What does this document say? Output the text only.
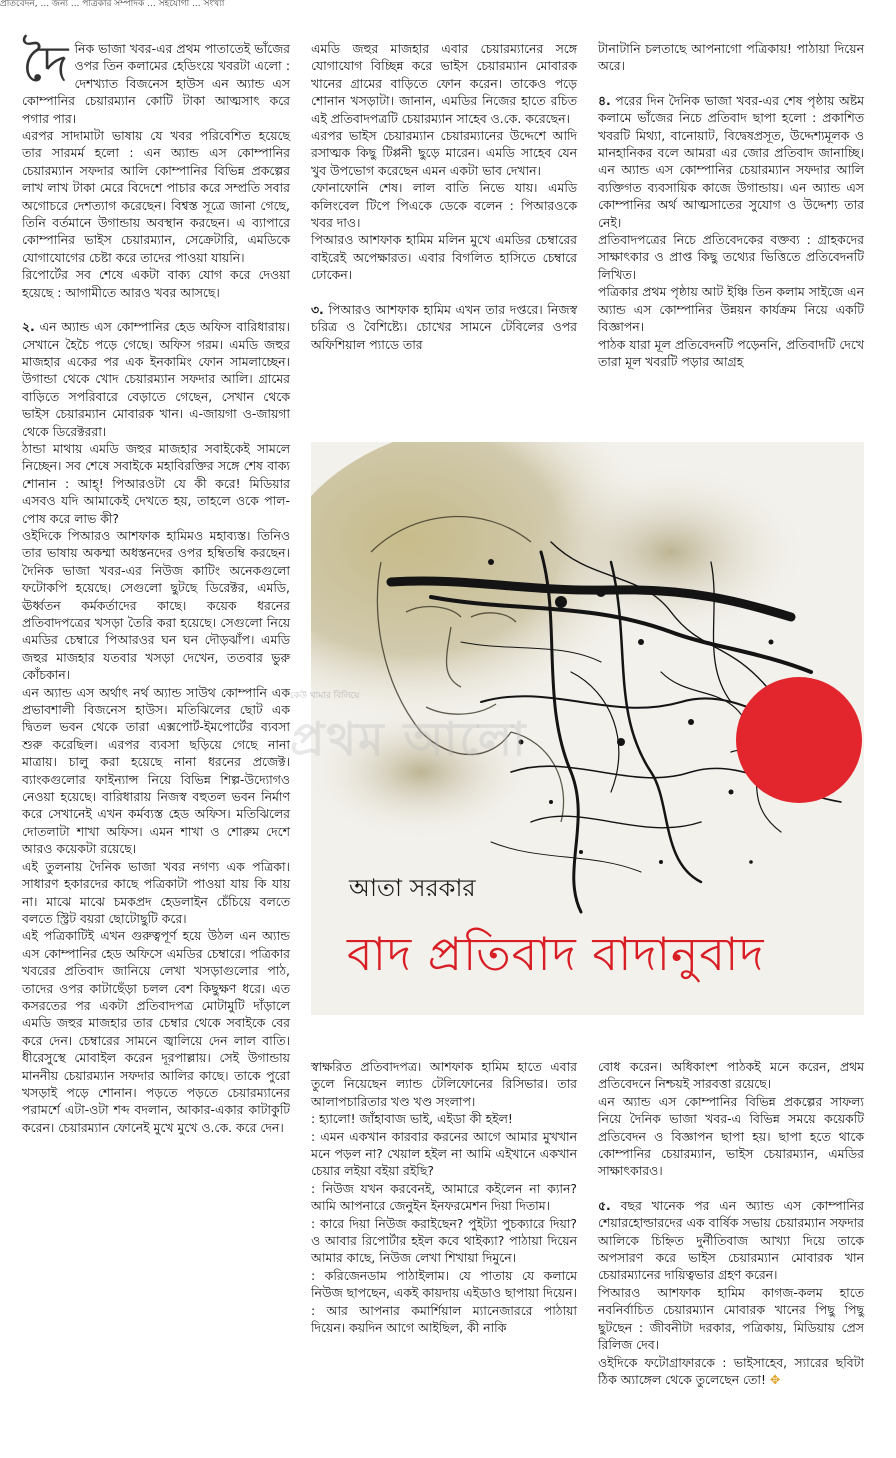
প্রতিবেদন, ... জন্য ... পত্রিকার সম্পাদক ... সহযোগী ... সংখ্যা

দৈনিক ভাজা খবর-এর প্রথম পাতাতেই ভাঁজের ওপর তিন কলামের হেডিংয়ে খবরটা এলো : দেশখ্যাত বিজনেস হাউস এন অ্যান্ড এস কোম্পানির চেয়ারম্যান কোটি টাকা আত্মসাৎ করে পগার পার।

এরপর সাদামাটা ভাষায় যে খবর পরিবেশিত হয়েছে তার সারমর্ম হলো : এন অ্যান্ড এস কোম্পানির চেয়ারম্যান সফদার আলি কোম্পানির বিভিন্ন প্রকল্পের লাখ লাখ টাকা মেরে বিদেশে পাচার করে সম্প্রতি সবার অগোচরে দেশত্যাগ করেছেন। বিশ্বস্ত সূত্রে জানা গেছে, তিনি বর্তমানে উগান্ডায় অবস্থান করছেন। এ ব্যাপারে কোম্পানির ভাইস চেয়ারম্যান, সেক্রেটারি, এমডিকে যোগাযোগের চেষ্টা করে তাদের পাওয়া যায়নি।

রিপোর্টের সব শেষে একটা বাক্য যোগ করে দেওয়া হয়েছে : আগামীতে আরও খবর আসছে।

২. এন অ্যান্ড এস কোম্পানির হেড অফিস বারিধারায়। সেখানে হৈচৈ পড়ে গেছে। অফিস গরম। এমডি জহুর মাজহার একের পর এক ইনকামিং ফোন সামলাচ্ছেন। উগান্ডা থেকে খোদ চেয়ারম্যান সফদার আলি। গ্রামের বাড়িতে সপরিবারে বেড়াতে গেছেন, সেখান থেকে ভাইস চেয়ারম্যান মোবারক খান। এ-জায়গা ও-জায়গা থেকে ডিরেক্টররা।

ঠান্ডা মাথায় এমডি জহুর মাজহার সবাইকেই সামলে নিচ্ছেন। সব শেষে সবাইকে মহাবিরক্তির সঙ্গে শেষ বাক্য শোনান : আহ্! পিআরওটা যে কী করে! মিডিয়ার এসবও যদি আমাকেই দেখতে হয়, তাহলে ওকে পাল-পোষ করে লাভ কী?

ওইদিকে পিআরও আশফাক হামিমও মহাব্যস্ত। তিনিও তার ভাষায় অকম্মা অধস্তনদের ওপর হম্বিতম্বি করছেন। দৈনিক ভাজা খবর-এর নিউজ কাটিং অনেকগুলো ফটোকপি হয়েছে। সেগুলো ছুটছে ডিরেক্টর, এমডি, ঊর্ধ্বতন কর্মকর্তাদের কাছে। কয়েক ধরনের প্রতিবাদপত্রের খসড়া তৈরি করা হয়েছে। সেগুলো নিয়ে এমডির চেম্বারে পিআরওর ঘন ঘন দৌড়ঝাঁপ। এমডি জহুর মাজহার যতবার খসড়া দেখেন, ততবার ভুরু কোঁচকান।

এন অ্যান্ড এস অর্থাৎ নর্থ অ্যান্ড সাউথ কোম্পানি এক প্রভাবশালী বিজনেস হাউস। মতিঝিলের ছোট এক দ্বিতল ভবন থেকে তারা এক্সপোর্ট-ইমপোর্টের ব্যবসা শুরু করেছিল। এরপর ব্যবসা ছড়িয়ে গেছে নানা মাত্রায়। চালু করা হয়েছে নানা ধরনের প্রজেক্ট। ব্যাংকগুলোর ফাইন্যান্স নিয়ে বিভিন্ন শিল্প-উদ্যোগও নেওয়া হয়েছে। বারিধারায় নিজস্ব বহুতল ভবন নির্মাণ করে সেখানেই এখন কর্মব্যস্ত হেড অফিস। মতিঝিলের দোতলাটা শাখা অফিস। এমন শাখা ও শোরুম দেশে আরও কয়েকটা রয়েছে।

এই তুলনায় দৈনিক ভাজা খবর নগণ্য এক পত্রিকা। সাধারণ হকারদের কাছে পত্রিকাটা পাওয়া যায় কি যায় না। মাঝে মাঝে চমকপ্রদ হেডলাইন চেঁচিয়ে বলতে বলতে স্ট্রিট বয়রা ছোটোছুটি করে।

এই পত্রিকাটিই এখন গুরুত্বপূর্ণ হয়ে উঠল এন অ্যান্ড এস কোম্পানির হেড অফিসে এমডির চেম্বারে। পত্রিকার খবরের প্রতিবাদ জানিয়ে লেখা খসড়াগুলোর পাঠ, তাদের ওপর কাটাছেঁড়া চলল বেশ কিছুক্ষণ ধরে। এত কসরতের পর একটা প্রতিবাদপত্র মোটামুটি দাঁড়ালে এমডি জহুর মাজহার তার চেম্বার থেকে সবাইকে বের করে দেন। চেম্বারের সামনে জ্বালিয়ে দেন লাল বাতি। ধীরেসুস্থে মোবাইল করেন দূরপাল্লায়। সেই উগান্ডায় মাননীয় চেয়ারম্যান সফদার আলির কাছে। তাকে পুরো খসড়াই পড়ে শোনান। পড়তে পড়তে চেয়ারম্যানের পরামর্শে এটা-ওটা শব্দ বদলান, আকার-একার কাটাকুটি করেন। চেয়ারম্যান ফোনেই মুখে মুখে ও.কে. করে দেন।

এমডি জহুর মাজহার এবার চেয়ারম্যানের সঙ্গে যোগাযোগ বিচ্ছিন্ন করে ভাইস চেয়ারম্যান মোবারক খানের গ্রামের বাড়িতে ফোন করেন। তাকেও পড়ে শোনান খসড়াটা। জানান, এমডির নিজের হাতে রচিত এই প্রতিবাদপত্রটি চেয়ারম্যান সাহেব ও.কে. করেছেন।

এরপর ভাইস চেয়ারম্যান চেয়ারম্যানের উদ্দেশে আদি রসাত্মক কিছু টিপ্পনী ছুড়ে মারেন। এমডি সাহেব যেন খুব উপভোগ করেছেন এমন একটা ভাব দেখান।

ফোনাফোনি শেষ। লাল বাতি নিভে যায়। এমডি কলিংবেল টিপে পিএকে ডেকে বলেন : পিআরওকে খবর দাও।

পিআরও আশফাক হামিম মলিন মুখে এমডির চেম্বারের বাইরেই অপেক্ষারত। এবার বিগলিত হাসিতে চেম্বারে ঢোকেন।

৩. পিআরও আশফাক হামিম এখন তার দপ্তরে। নিজস্ব চরিত্র ও বৈশিষ্ট্যে। চোখের সামনে টেবিলের ওপর অফিশিয়াল প্যাডে তার

টানাটানি চলতাছে আপনাগো পত্রিকায়! পাঠায়া দিয়েন অরে।

৪. পরের দিন দৈনিক ভাজা খবর-এর শেষ পৃষ্ঠায় অষ্টম কলামে ভাঁজের নিচে প্রতিবাদ ছাপা হলো : প্রকাশিত খবরটি মিথ্যা, বানোয়াট, বিদ্বেষপ্রসূত, উদ্দেশ্যমূলক ও মানহানিকর বলে আমরা এর জোর প্রতিবাদ জানাচ্ছি। এন অ্যান্ড এস কোম্পানির চেয়ারম্যান সফদার আলি ব্যক্তিগত ব্যবসায়িক কাজে উগান্ডায়। এন অ্যান্ড এস কোম্পানির অর্থ আত্মসাতের সুযোগ ও উদ্দেশ্য তার নেই।

প্রতিবাদপত্রের নিচে প্রতিবেদকের বক্তব্য : গ্রাহকদের সাক্ষাৎকার ও প্রাপ্ত কিছু তথ্যের ভিত্তিতে প্রতিবেদনটি লিখিত।

পত্রিকার প্রথম পৃষ্ঠায় আট ইঞ্চি তিন কলাম সাইজে এন অ্যান্ড এস কোম্পানির উন্নয়ন কার্যক্রম নিয়ে একটি বিজ্ঞাপন।

পাঠক যারা মূল প্রতিবেদনটি পড়েননি, প্রতিবাদটি দেখে তারা মূল খবরটি পড়ার আগ্রহ

আতা সরকার
বাদ প্রতিবাদ বাদানুবাদ

স্বাক্ষরিত প্রতিবাদপত্র। আশফাক হামিম হাতে এবার তুলে নিয়েছেন ল্যান্ড টেলিফোনের রিসিভার। তার আলাপচারিতার খণ্ড খণ্ড সংলাপ।

: হ্যালো! জাঁহাবাজ ভাই, এইডা কী হইল!

: এমন একখান কারবার করনের আগে আমার মুখখান মনে পড়ল না? খেয়াল হইল না আমি এইখানে একখান চেয়ার লইয়া বইয়া রইছি?

: নিউজ যখন করবেনই, আমারে কইলেন না ক্যান? আমি আপনারে জেনুইন ইনফরমেশন দিয়া দিতাম।

: কারে দিয়া নিউজ করাইছেন? পুইট্যা পুচক্যারে দিয়া? ও আবার রিপোর্টার হইল কবে থাইক্যা? পাঠায়া দিয়েন আমার কাছে, নিউজ লেখা শিখায়া দিমুনে।

: করিজেনডাম পাঠাইলাম। যে পাতায় যে কলামে নিউজ ছাপছেন, একই কায়দায় এইডাও ছাপায়া দিয়েন।

: আর আপনার কমার্শিয়াল ম্যানেজাররে পাঠায়া দিয়েন। কয়দিন আগে আইছিল, কী নাকি

বোধ করেন। অধিকাংশ পাঠকই মনে করেন, প্রথম প্রতিবেদনে নিশ্চয়ই সারবত্তা রয়েছে।

এন অ্যান্ড এস কোম্পানির বিভিন্ন প্রকল্পের সাফল্য নিয়ে দৈনিক ভাজা খবর-এ বিভিন্ন সময়ে কয়েকটি প্রতিবেদন ও বিজ্ঞাপন ছাপা হয়। ছাপা হতে থাকে কোম্পানির চেয়ারম্যান, ভাইস চেয়ারম্যান, এমডির সাক্ষাৎকারও।

৫. বছর খানেক পর এন অ্যান্ড এস কোম্পানির শেয়ারহোল্ডারদের এক বার্ষিক সভায় চেয়ারম্যান সফদার আলিকে চিহ্নিত দুর্নীতিবাজ আখ্যা দিয়ে তাকে অপসারণ করে ভাইস চেয়ারম্যান মোবারক খান চেয়ারম্যানের দায়িত্বভার গ্রহণ করেন।

পিআরও আশফাক হামিম কাগজ-কলম হাতে নবনির্বাচিত চেয়ারম্যান মোবারক খানের পিছু পিছু ছুটছেন : জীবনীটা দরকার, পত্রিকায়, মিডিয়ায় প্রেস রিলিজ দেব।

ওইদিকে ফটোগ্রাফারকে : ভাইসাহেব, স্যারের ছবিটা ঠিক অ্যাঙ্গেল থেকে তুলেছেন তো! ✥

কেউ থামার বিলিয়ে
প্রথম আলো
